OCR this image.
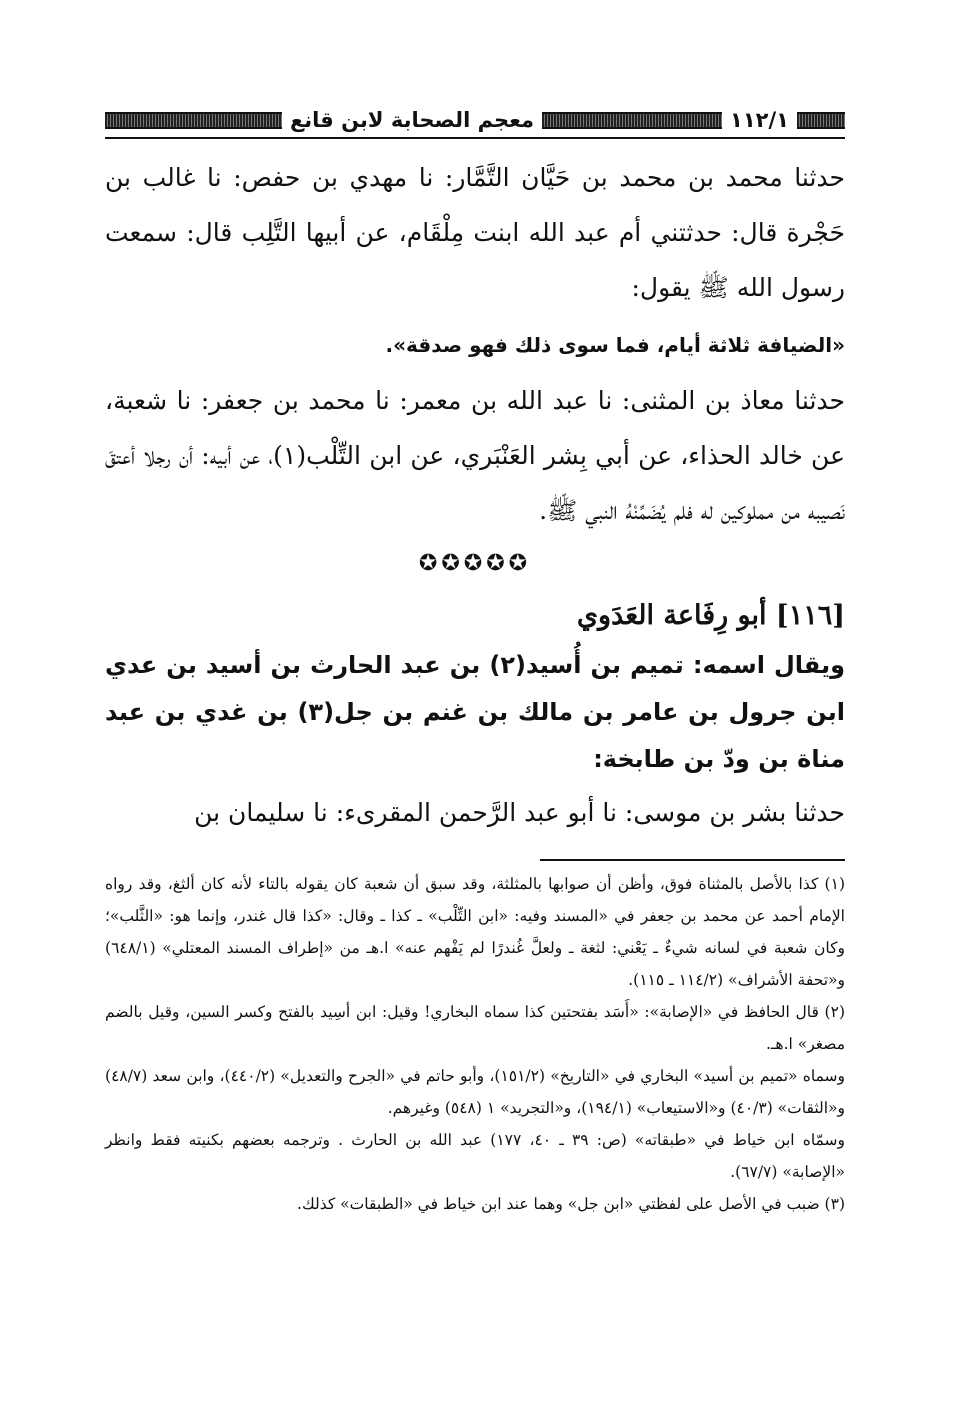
١١٢/١
معجم الصحابة لابن قانع

حدثنا محمد بن محمد بن حَيَّان التَّمَّار: نا مهدي بن حفص: نا غالب بن حَجْرة قال: حدثتني أم عبد الله ابنت مِلْقَام، عن أبيها التَّلِب قال: سمعت رسول الله ﷺ يقول:

«الضيافة ثلاثة أيام، فما سوى ذلك فهو صدقة».

حدثنا معاذ بن المثنى: نا عبد الله بن معمر: نا محمد بن جعفر: نا شعبة، عن خالد الحذاء، عن أبي بِشر العَنْبَري، عن ابن التِّلْب(١)، عن أبيه: أن رجلا أعتقَ نَصيبه من مملوكين له فلم يُضَمِّنْهُ النبي ﷺ.

✪✪✪✪✪

[١١٦] أبو رِفَاعة العَدَوي

ويقال اسمه: تميم بن أُسيد(٢) بن عبد الحارث بن أسيد بن عدي ابن جرول بن عامر بن مالك بن غنم بن جل(٣) بن غدي بن عبد مناة بن ودّ بن طابخة:

حدثنا بشر بن موسى: نا أبو عبد الرَّحمن المقرىء: نا سليمان بن

(١) كذا بالأصل بالمثناة فوق، وأظن أن صوابها بالمثلثة، وقد سبق أن شعبة كان يقوله بالتاء لأنه كان ألثغ، وقد رواه الإمام أحمد عن محمد بن جعفر في «المسند وفيه: «ابن التِّلْب» ـ كذا ـ وقال: «كذا قال غندر، وإنما هو: «الثَّلب»؛ وكان شعبة في لسانه شيءٌ ـ يَعْني: لثغة ـ ولعلَّ غُندرًا لم يَفْهم عنه» ا.هـ من «إطراف المسند المعتلي» (٦٤٨/١) و«تحفة الأشراف» (١١٤/٢ ـ ١١٥).

(٢) قال الحافظ في «الإصابة»: «أَسَد بفتحتين كذا سماه البخاري! وقيل: ابن أسِيد بالفتح وكسر السين، وقيل بالضم مصغر» ا.هـ.

وسماه «تميم بن أسيد» البخاري في «التاريخ» (١٥١/٢)، وأبو حاتم في «الجرح والتعديل» (٤٤٠/٢)، وابن سعد (٤٨/٧) و«الثقات» (٤٠/٣) و«الاستيعاب» (١٩٤/١)، و«التجريد» ١ (٥٤٨) وغيرهم.

وسمّاه ابن خياط في «طبقاته» (ص: ٣٩ ـ ٤٠، ١٧٧) عبد الله بن الحارث . وترجمه بعضهم بكنيته فقط وانظر «الإصابة» (٦٧/٧).

(٣) ضبب في الأصل على لفظتي «ابن جل» وهما عند ابن خياط في «الطبقات» كذلك.
